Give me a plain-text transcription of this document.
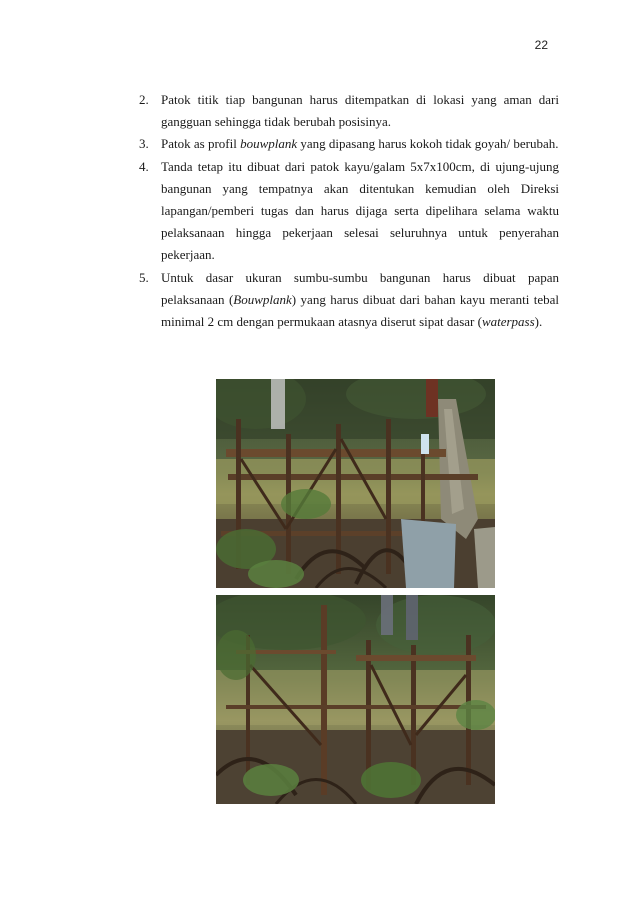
22
2. Patok titik tiap bangunan harus ditempatkan di lokasi yang aman dari gangguan sehingga tidak berubah posisinya.
3. Patok as profil bouwplank yang dipasang harus kokoh tidak goyah/ berubah.
4. Tanda tetap itu dibuat dari patok kayu/galam 5x7x100cm, di ujung-ujung bangunan yang tempatnya akan ditentukan kemudian oleh Direksi lapangan/pemberi tugas dan harus dijaga serta dipelihara selama waktu pelaksanaan hingga pekerjaan selesai seluruhnya untuk penyerahan pekerjaan.
5. Untuk dasar ukuran sumbu-sumbu bangunan harus dibuat papan pelaksanaan (Bouwplank) yang harus dibuat dari bahan kayu meranti tebal minimal 2 cm dengan permukaan atasnya diserut sipat dasar (waterpass).
